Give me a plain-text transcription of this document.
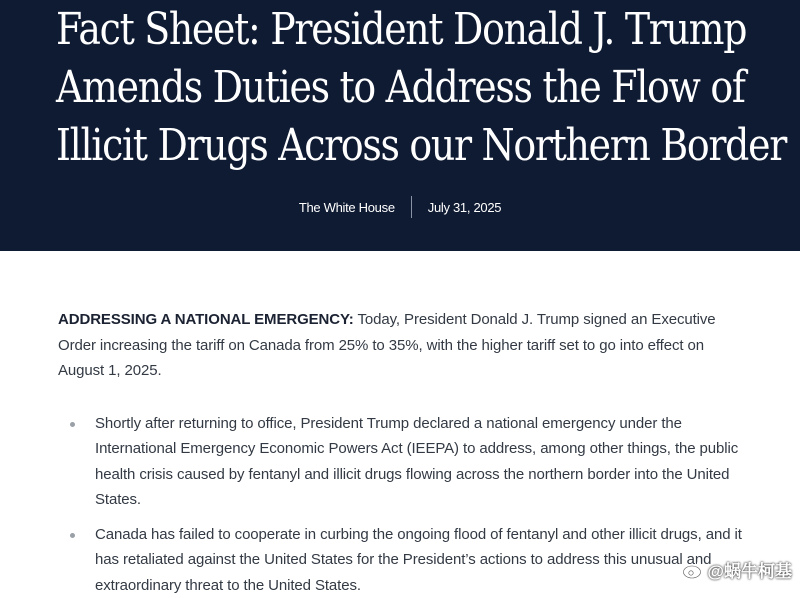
Fact Sheet: President Donald J. Trump
Amends Duties to Address the Flow of
Illicit Drugs Across our Northern Border
The White House	July 31, 2025

ADDRESSING A NATIONAL EMERGENCY: Today, President Donald J. Trump signed an Executive Order increasing the tariff on Canada from 25% to 35%, with the higher tariff set to go into effect on August 1, 2025.

Shortly after returning to office, President Trump declared a national emergency under the International Emergency Economic Powers Act (IEEPA) to address, among other things, the public health crisis caused by fentanyl and illicit drugs flowing across the northern border into the United States.
Canada has failed to cooperate in curbing the ongoing flood of fentanyl and other illicit drugs, and it has retaliated against the United States for the President’s actions to address this unusual and extraordinary threat to the United States.
@蜗牛柯基
